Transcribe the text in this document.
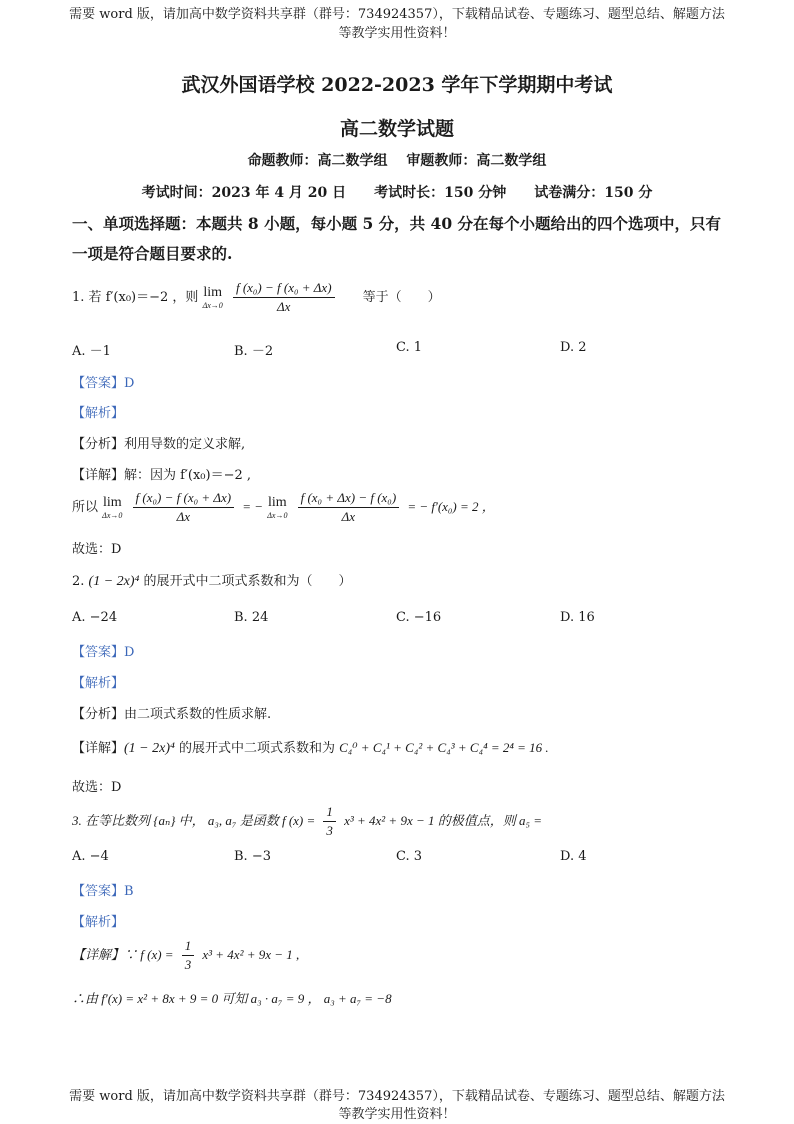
需要 word 版，请加高中数学资料共享群（群号：734924357），下载精品试卷、专题练习、题型总结、解题方法
等教学实用性资料！
武汉外国语学校 2022-2023 学年下学期期中考试
高二数学试题
命题教师：高二数学组　 审题教师：高二数学组
考试时间：2023 年 4 月 20 日　　考试时长：150 分钟　　试卷满分：150 分
一、单项选择题：本题共 8 小题，每小题 5 分，共 40 分在每个小题给出的四个选项中，只有
一项是符合题目要求的.
1. 若 f′(x₀)＝−2 ，则 lim
Δx→0
$\frac{\text{f (x₀) − f (x₀ + Δx)}}{\Delta x}$ 等于（　　）
A. －1	B. －2	C. 1	D. 2
【答案】D
【解析】
【分析】利用导数的定义求解,
【详解】解：因为 f′(x₀)＝−2 ,
所以 lim
Δx→0
$\frac{\text{f (x₀) − f (x₀ + Δx)}}{\Delta x}$ = − lim
Δx→0
$\frac{\text{f (x₀ + Δx) − f (x₀)}}{\Delta x}$ = − f′(x₀) = 2 ，
故选：D
2. (1 − 2x)⁴ 的展开式中二项式系数和为（　　）
A. −24	B. 24	C. −16	D. 16
【答案】D
【解析】
【分析】由二项式系数的性质求解.
【详解】(1 − 2x)⁴ 的展开式中二项式系数和为 C₄⁰ + C₄¹ + C₄² + C₄³ + C₄⁴ = 2⁴ = 16 .
故选：D
3. 在等比数列 {aₙ} 中， a₃, a₇ 是函数 f $(x) = \frac{1}{3} x^3 + 4x^2 + 9x - 1$ 的极值点，则 a₅ =
A. −4	B. −3	C. 3	D. 4
【答案】B
【解析】
【详解】∵ f $(x) = \frac{1}{3} x^3 + 4x^2 + 9x - 1$ ,
∴由 f′(x) = x² + 8x + 9 = 0 可知 a₃ · a₇ = 9 ， a₃ + a₇ = −8
需要 word 版，请加高中数学资料共享群（群号：734924357），下载精品试卷、专题练习、题型总结、解题方法
等教学实用性资料！
